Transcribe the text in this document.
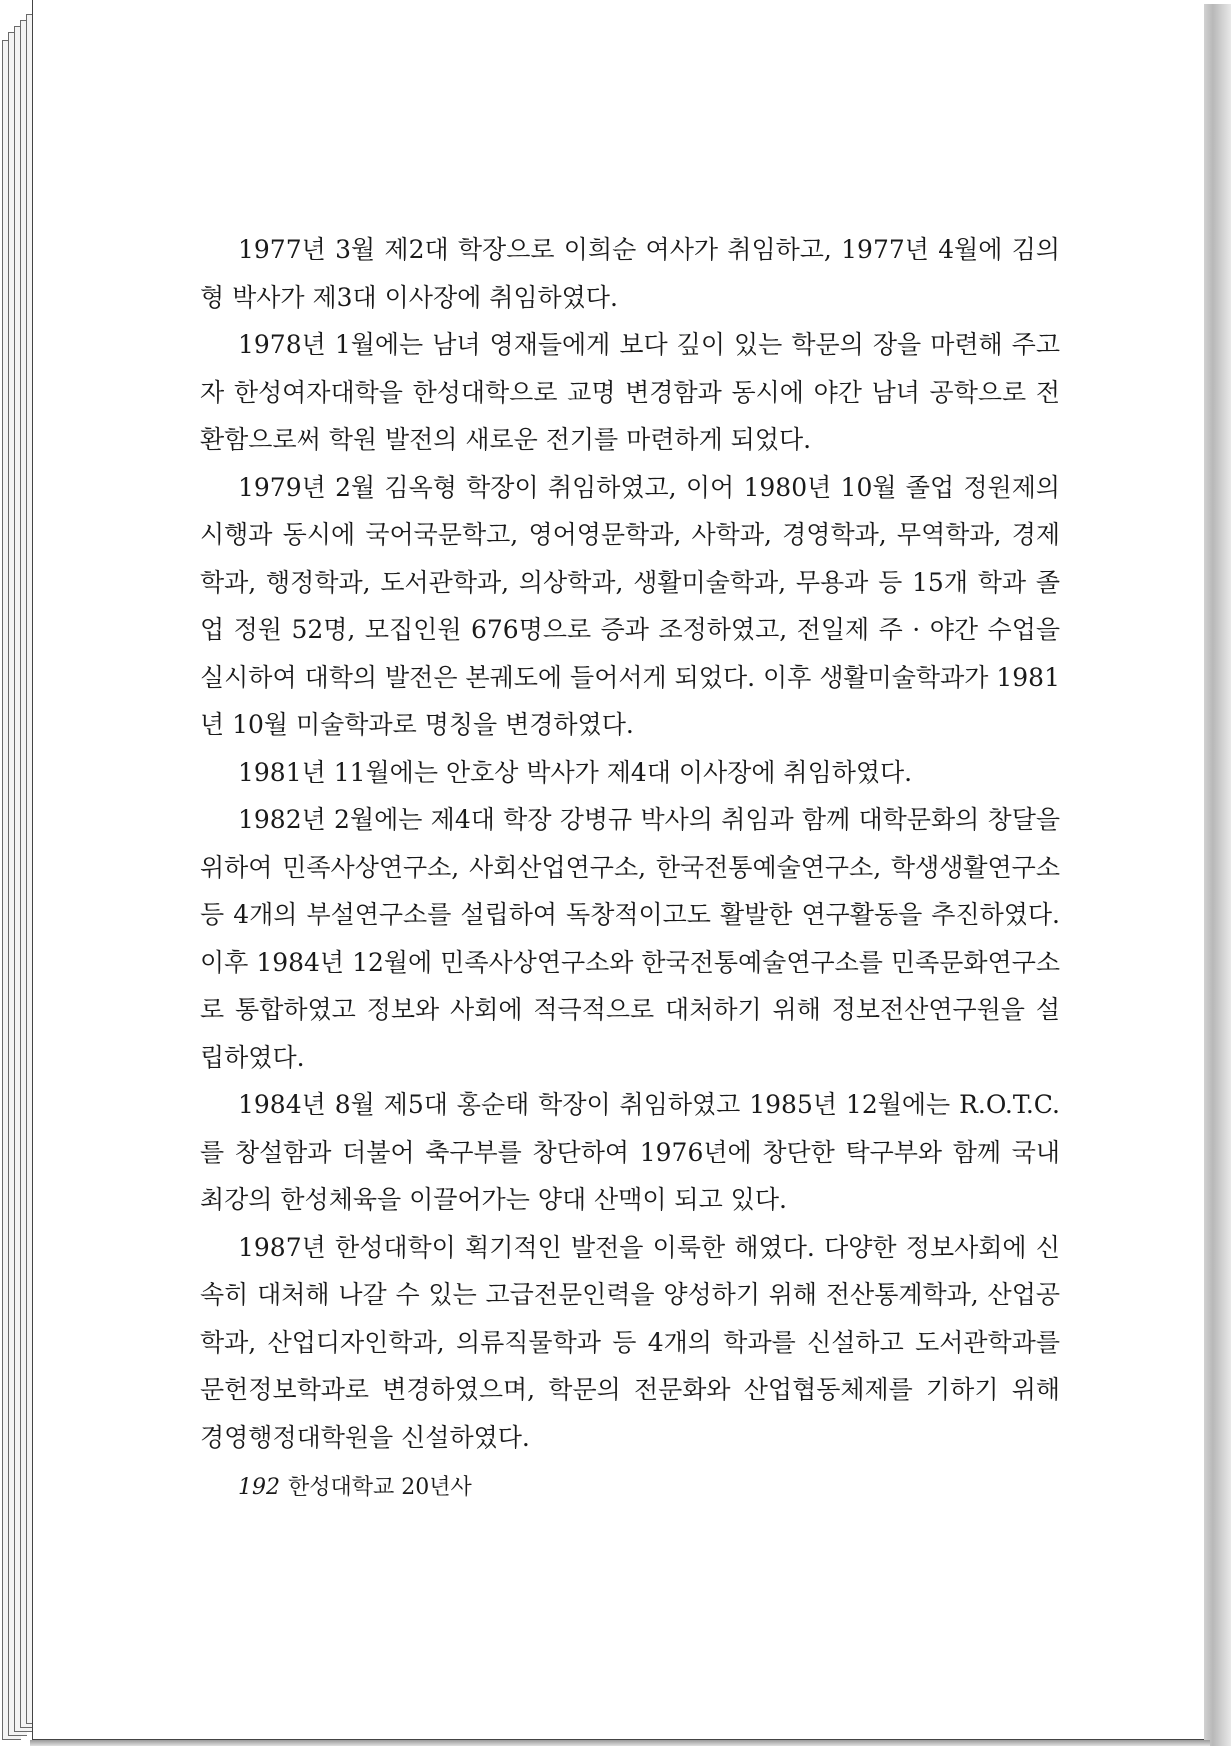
1977년 3월 제2대 학장으로 이희순 여사가 취임하고, 1977년 4월에 김의형 박사가 제3대 이사장에 취임하였다.

1978년 1월에는 남녀 영재들에게 보다 깊이 있는 학문의 장을 마련해 주고자 한성여자대학을 한성대학으로 교명 변경함과 동시에 야간 남녀 공학으로 전환함으로써 학원 발전의 새로운 전기를 마련하게 되었다.

1979년 2월 김옥형 학장이 취임하였고, 이어 1980년 10월 졸업 정원제의 시행과 동시에 국어국문학고, 영어영문학과, 사학과, 경영학과, 무역학과, 경제학과, 행정학과, 도서관학과, 의상학과, 생활미술학과, 무용과 등 15개 학과 졸업 정원 52명, 모집인원 676명으로 증과 조정하였고, 전일제 주 · 야간 수업을 실시하여 대학의 발전은 본궤도에 들어서게 되었다. 이후 생활미술학과가 1981년 10월 미술학과로 명칭을 변경하였다.

1981년 11월에는 안호상 박사가 제4대 이사장에 취임하였다.

1982년 2월에는 제4대 학장 강병규 박사의 취임과 함께 대학문화의 창달을 위하여 민족사상연구소, 사회산업연구소, 한국전통예술연구소, 학생생활연구소 등 4개의 부설연구소를 설립하여 독창적이고도 활발한 연구활동을 추진하였다. 이후 1984년 12월에 민족사상연구소와 한국전통예술연구소를 민족문화연구소로 통합하였고 정보와 사회에 적극적으로 대처하기 위해 정보전산연구원을 설립하였다.

1984년 8월 제5대 홍순태 학장이 취임하였고 1985년 12월에는 R.O.T.C. 를 창설함과 더불어 축구부를 창단하여 1976년에 창단한 탁구부와 함께 국내 최강의 한성체육을 이끌어가는 양대 산맥이 되고 있다.

1987년 한성대학이 획기적인 발전을 이룩한 해였다. 다양한 정보사회에 신속히 대처해 나갈 수 있는 고급전문인력을 양성하기 위해 전산통계학과, 산업공학과, 산업디자인학과, 의류직물학과 등 4개의 학과를 신설하고 도서관학과를 문헌정보학과로 변경하였으며, 학문의 전문화와 산업협동체제를 기하기 위해 경영행정대학원을 신설하였다.

192 한성대학교 20년사
